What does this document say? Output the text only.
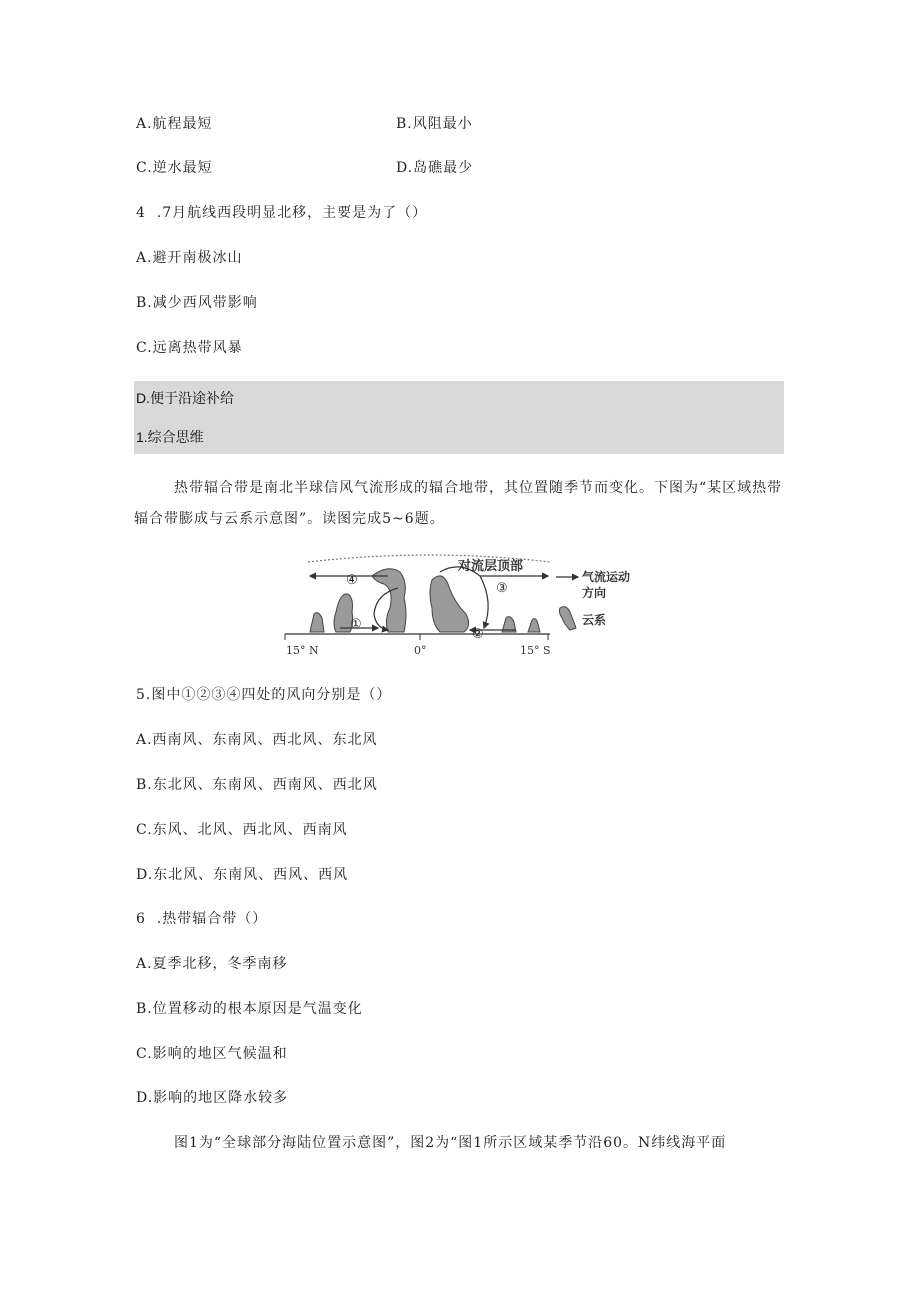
A.航程最短	B.风阻最小
C.逆水最短	D.岛礁最少
4  .7月航线西段明显北移，主要是为了（）
A.避开南极冰山
B.减少西风带影响
C.远离热带风暴
D.便于沿途补给
1.综合思维
热带辐合带是南北半球信风气流形成的辐合地带，其位置随季节而变化。下图为“某区域热带辐合带膨成与云系示意图”。读图完成5~6题。
④
①
③
②
对流层顶部
15° N	0°	15° S
气流运动
方向
云系
5.图中①②③④四处的风向分别是（）
A.西南风、东南风、西北风、东北风
B.东北风、东南风、西南风、西北风
C.东风、北风、西北风、西南风
D.东北风、东南风、西风、西风
6  .热带辐合带（）
A.夏季北移，冬季南移
B.位置移动的根本原因是气温变化
C.影响的地区气候温和
D.影响的地区降水较多
图1为“全球部分海陆位置示意图”，图2为“图1所示区域某季节沿60。N纬线海平面
